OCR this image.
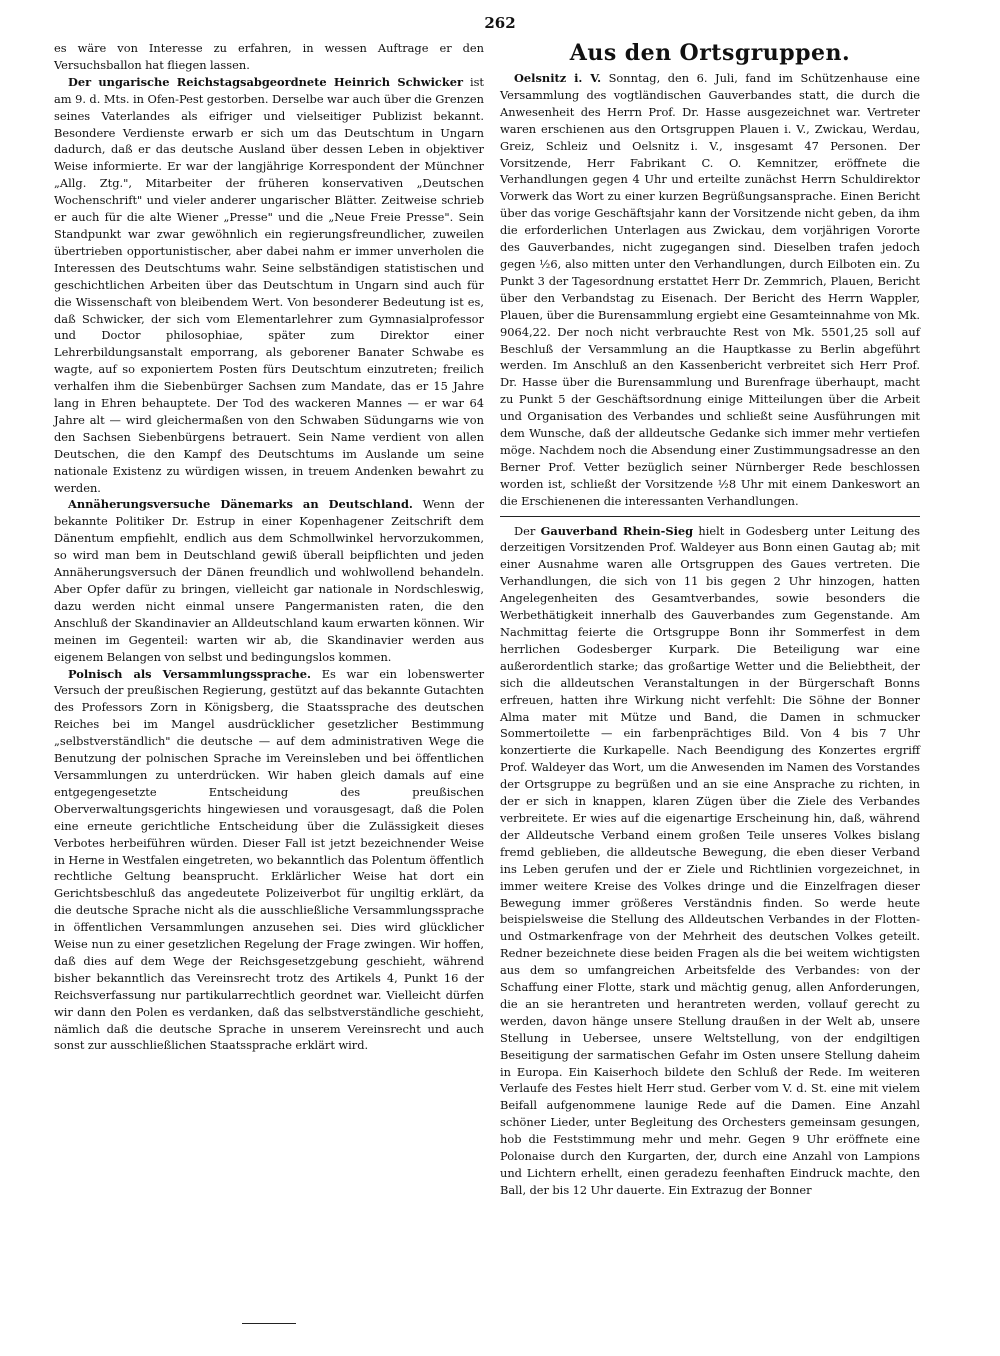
262

es wäre von Interesse zu erfahren, in wessen Auftrage er den Versuchsballon hat fliegen lassen.

Der ungarische Reichstagsabgeordnete Heinrich Schwicker ist am 9. d. Mts. in Ofen-Pest gestorben. Derselbe war auch über die Grenzen seines Vaterlandes als eifriger und vielseitiger Publizist bekannt. Besondere Verdienste erwarb er sich um das Deutschtum in Ungarn dadurch, daß er das deutsche Ausland über dessen Leben in objektiver Weise informierte. Er war der langjährige Korrespondent der Münchner „Allg. Ztg.", Mitarbeiter der früheren konservativen „Deutschen Wochenschrift" und vieler anderer ungarischer Blätter. Zeitweise schrieb er auch für die alte Wiener „Presse" und die „Neue Freie Presse". Sein Standpunkt war zwar gewöhnlich ein regierungsfreundlicher, zuweilen übertrieben opportunistischer, aber dabei nahm er immer unverholen die Interessen des Deutschtums wahr. Seine selbständigen statistischen und geschichtlichen Arbeiten über das Deutschtum in Ungarn sind auch für die Wissenschaft von bleibendem Wert. Von besonderer Bedeutung ist es, daß Schwicker, der sich vom Elementarlehrer zum Gymnasialprofessor und Doctor philosophiae, später zum Direktor einer Lehrerbildungsanstalt emporrang, als geborener Banater Schwabe es wagte, auf so exponiertem Posten fürs Deutschtum einzutreten; freilich verhalfen ihm die Siebenbürger Sachsen zum Mandate, das er 15 Jahre lang in Ehren behauptete. Der Tod des wackeren Mannes — er war 64 Jahre alt — wird gleichermaßen von den Schwaben Südungarns wie von den Sachsen Siebenbürgens betrauert. Sein Name verdient von allen Deutschen, die den Kampf des Deutschtums im Auslande um seine nationale Existenz zu würdigen wissen, in treuem Andenken bewahrt zu werden.

Annäherungsversuche Dänemarks an Deutschland. Wenn der bekannte Politiker Dr. Estrup in einer Kopenhagener Zeitschrift dem Dänentum empfiehlt, endlich aus dem Schmollwinkel hervorzukommen, so wird man bem in Deutschland gewiß überall beipflichten und jeden Annäherungsversuch der Dänen freundlich und wohlwollend behandeln. Aber Opfer dafür zu bringen, vielleicht gar nationale in Nordschleswig, dazu werden nicht einmal unsere Pangermanisten raten, die den Anschluß der Skandinavier an Alldeutschland kaum erwarten können. Wir meinen im Gegenteil: warten wir ab, die Skandinavier werden aus eigenem Belangen von selbst und bedingungslos kommen.

Polnisch als Versammlungssprache. Es war ein lobenswerter Versuch der preußischen Regierung, gestützt auf das bekannte Gutachten des Professors Zorn in Königsberg, die Staatssprache des deutschen Reiches bei im Mangel ausdrücklicher gesetzlicher Bestimmung „selbstverständlich" die deutsche — auf dem administrativen Wege die Benutzung der polnischen Sprache im Vereinsleben und bei öffentlichen Versammlungen zu unterdrücken. Wir haben gleich damals auf eine entgegengesetzte Entscheidung des preußischen Oberverwaltungsgerichts hingewiesen und vorausgesagt, daß die Polen eine erneute gerichtliche Entscheidung über die Zulässigkeit dieses Verbotes herbeiführen würden. Dieser Fall ist jetzt bezeichnender Weise in Herne in Westfalen eingetreten, wo bekanntlich das Polentum öffentlich rechtliche Geltung beansprucht. Erklärlicher Weise hat dort ein Gerichtsbeschluß das angedeutete Polizeiverbot für ungiltig erklärt, da die deutsche Sprache nicht als die ausschließliche Versammlungssprache in öffentlichen Versammlungen anzusehen sei. Dies wird glücklicher Weise nun zu einer gesetzlichen Regelung der Frage zwingen. Wir hoffen, daß dies auf dem Wege der Reichsgesetzgebung geschieht, während bisher bekanntlich das Vereinsrecht trotz des Artikels 4, Punkt 16 der Reichsverfassung nur partikularrechtlich geordnet war. Vielleicht dürfen wir dann den Polen es verdanken, daß das selbstverständliche geschieht, nämlich daß die deutsche Sprache in unserem Vereinsrecht und auch sonst zur ausschließlichen Staatssprache erklärt wird.

Aus den Ortsgruppen.

Oelsnitz i. V. Sonntag, den 6. Juli, fand im Schützenhause eine Versammlung des vogtländischen Gauverbandes statt, die durch die Anwesenheit des Herrn Prof. Dr. Hasse ausgezeichnet war. Vertreter waren erschienen aus den Ortsgruppen Plauen i. V., Zwickau, Werdau, Greiz, Schleiz und Oelsnitz i. V., insgesamt 47 Personen. Der Vorsitzende, Herr Fabrikant C. O. Kemnitzer, eröffnete die Verhandlungen gegen 4 Uhr und erteilte zunächst Herrn Schuldirektor Vorwerk das Wort zu einer kurzen Begrüßungsansprache. Einen Bericht über das vorige Geschäftsjahr kann der Vorsitzende nicht geben, da ihm die erforderlichen Unterlagen aus Zwickau, dem vorjährigen Vororte des Gauverbandes, nicht zugegangen sind. Dieselben trafen jedoch gegen ½6, also mitten unter den Verhandlungen, durch Eilboten ein. Zu Punkt 3 der Tagesordnung erstattet Herr Dr. Zemmrich, Plauen, Bericht über den Verbandstag zu Eisenach. Der Bericht des Herrn Wappler, Plauen, über die Burensammlung ergiebt eine Gesamteinnahme von Mk. 9064,22. Der noch nicht verbrauchte Rest von Mk. 5501,25 soll auf Beschluß der Versammlung an die Hauptkasse zu Berlin abgeführt werden. Im Anschluß an den Kassenbericht verbreitet sich Herr Prof. Dr. Hasse über die Burensammlung und Burenfrage überhaupt, macht zu Punkt 5 der Geschäftsordnung einige Mitteilungen über die Arbeit und Organisation des Verbandes und schließt seine Ausführungen mit dem Wunsche, daß der alldeutsche Gedanke sich immer mehr vertiefen möge. Nachdem noch die Absendung einer Zustimmungsadresse an den Berner Prof. Vetter bezüglich seiner Nürnberger Rede beschlossen worden ist, schließt der Vorsitzende ½8 Uhr mit einem Dankeswort an die Erschienenen die interessanten Verhandlungen.

Der Gauverband Rhein-Sieg hielt in Godesberg unter Leitung des derzeitigen Vorsitzenden Prof. Waldeyer aus Bonn einen Gautag ab; mit einer Ausnahme waren alle Ortsgruppen des Gaues vertreten. Die Verhandlungen, die sich von 11 bis gegen 2 Uhr hinzogen, hatten Angelegenheiten des Gesamtverbandes, sowie besonders die Werbethätigkeit innerhalb des Gauverbandes zum Gegenstande. Am Nachmittag feierte die Ortsgruppe Bonn ihr Sommerfest in dem herrlichen Godesberger Kurpark. Die Beteiligung war eine außerordentlich starke; das großartige Wetter und die Beliebtheit, der sich die alldeutschen Veranstaltungen in der Bürgerschaft Bonns erfreuen, hatten ihre Wirkung nicht verfehlt: Die Söhne der Bonner Alma mater mit Mütze und Band, die Damen in schmucker Sommertoilette — ein farbenprächtiges Bild. Von 4 bis 7 Uhr konzertierte die Kurkapelle. Nach Beendigung des Konzertes ergriff Prof. Waldeyer das Wort, um die Anwesenden im Namen des Vorstandes der Ortsgruppe zu begrüßen und an sie eine Ansprache zu richten, in der er sich in knappen, klaren Zügen über die Ziele des Verbandes verbreitete. Er wies auf die eigenartige Erscheinung hin, daß, während der Alldeutsche Verband einem großen Teile unseres Volkes bislang fremd geblieben, die alldeutsche Bewegung, die eben dieser Verband ins Leben gerufen und der er Ziele und Richtlinien vorgezeichnet, in immer weitere Kreise des Volkes dringe und die Einzelfragen dieser Bewegung immer größeres Verständnis finden. So werde heute beispielsweise die Stellung des Alldeutschen Verbandes in der Flotten- und Ostmarkenfrage von der Mehrheit des deutschen Volkes geteilt. Redner bezeichnete diese beiden Fragen als die bei weitem wichtigsten aus dem so umfangreichen Arbeitsfelde des Verbandes: von der Schaffung einer Flotte, stark und mächtig genug, allen Anforderungen, die an sie herantreten und herantreten werden, vollauf gerecht zu werden, davon hänge unsere Stellung draußen in der Welt ab, unsere Stellung in Uebersee, unsere Weltstellung, von der endgiltigen Beseitigung der sarmatischen Gefahr im Osten unsere Stellung daheim in Europa. Ein Kaiserhoch bildete den Schluß der Rede. Im weiteren Verlaufe des Festes hielt Herr stud. Gerber vom V. d. St. eine mit vielem Beifall aufgenommene launige Rede auf die Damen. Eine Anzahl schöner Lieder, unter Begleitung des Orchesters gemeinsam gesungen, hob die Feststimmung mehr und mehr. Gegen 9 Uhr eröffnete eine Polonaise durch den Kurgarten, der, durch eine Anzahl von Lampions und Lichtern erhellt, einen geradezu feenhaften Eindruck machte, den Ball, der bis 12 Uhr dauerte. Ein Extrazug der Bonner
